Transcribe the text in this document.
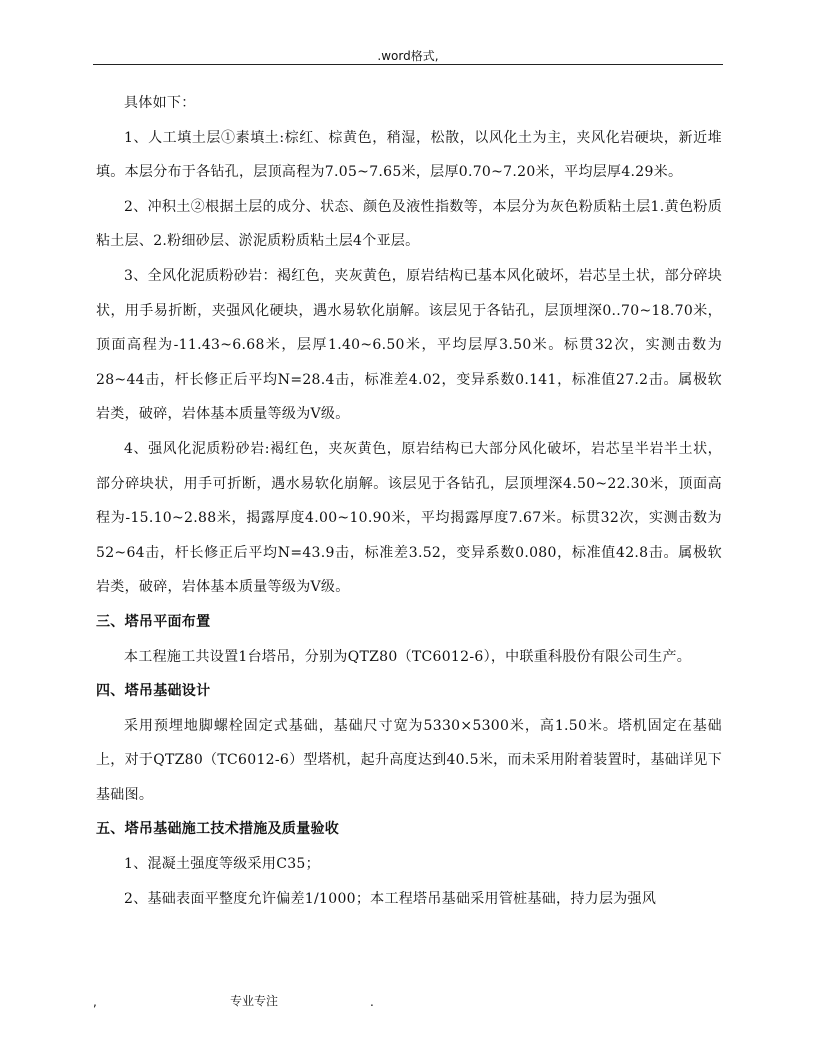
.word格式,

具体如下：

1、人工填土层①素填土:棕红、棕黄色，稍湿，松散，以风化土为主，夹风化岩硬块，新近堆填。本层分布于各钻孔，层顶高程为7.05~7.65米，层厚0.70~7.20米，平均层厚4.29米。

2、冲积土②根据土层的成分、状态、颜色及液性指数等，本层分为灰色粉质粘土层1.黄色粉质粘土层、2.粉细砂层、淤泥质粉质粘土层4个亚层。

3、全风化泥质粉砂岩：褐红色，夹灰黄色，原岩结构已基本风化破坏，岩芯呈土状，部分碎块状，用手易折断，夹强风化硬块，遇水易软化崩解。该层见于各钻孔，层顶埋深0..70~18.70米，顶面高程为-11.43~6.68米，层厚1.40~6.50米，平均层厚3.50米。标贯32次，实测击数为28~44击，杆长修正后平均N=28.4击，标准差4.02，变异系数0.141，标准值27.2击。属极软岩类，破碎，岩体基本质量等级为Ⅴ级。

4、强风化泥质粉砂岩:褐红色，夹灰黄色，原岩结构已大部分风化破坏，岩芯呈半岩半土状，部分碎块状，用手可折断，遇水易软化崩解。该层见于各钻孔，层顶埋深4.50~22.30米，顶面高程为-15.10~2.88米，揭露厚度4.00~10.90米，平均揭露厚度7.67米。标贯32次，实测击数为52~64击，杆长修正后平均N=43.9击，标准差3.52，变异系数0.080，标准值42.8击。属极软岩类，破碎，岩体基本质量等级为Ⅴ级。

三、塔吊平面布置

本工程施工共设置1台塔吊，分别为QTZ80（TC6012-6），中联重科股份有限公司生产。

四、塔吊基础设计

采用预埋地脚螺栓固定式基础，基础尺寸宽为5330×5300米，高1.50米。塔机固定在基础上，对于QTZ80（TC6012-6）型塔机，起升高度达到40.5米，而未采用附着装置时，基础详见下基础图。

五、塔吊基础施工技术措施及质量验收

1、混凝土强度等级采用C35；

2、基础表面平整度允许偏差1/1000；本工程塔吊基础采用管桩基础，持力层为强风

,	专业专注	.
